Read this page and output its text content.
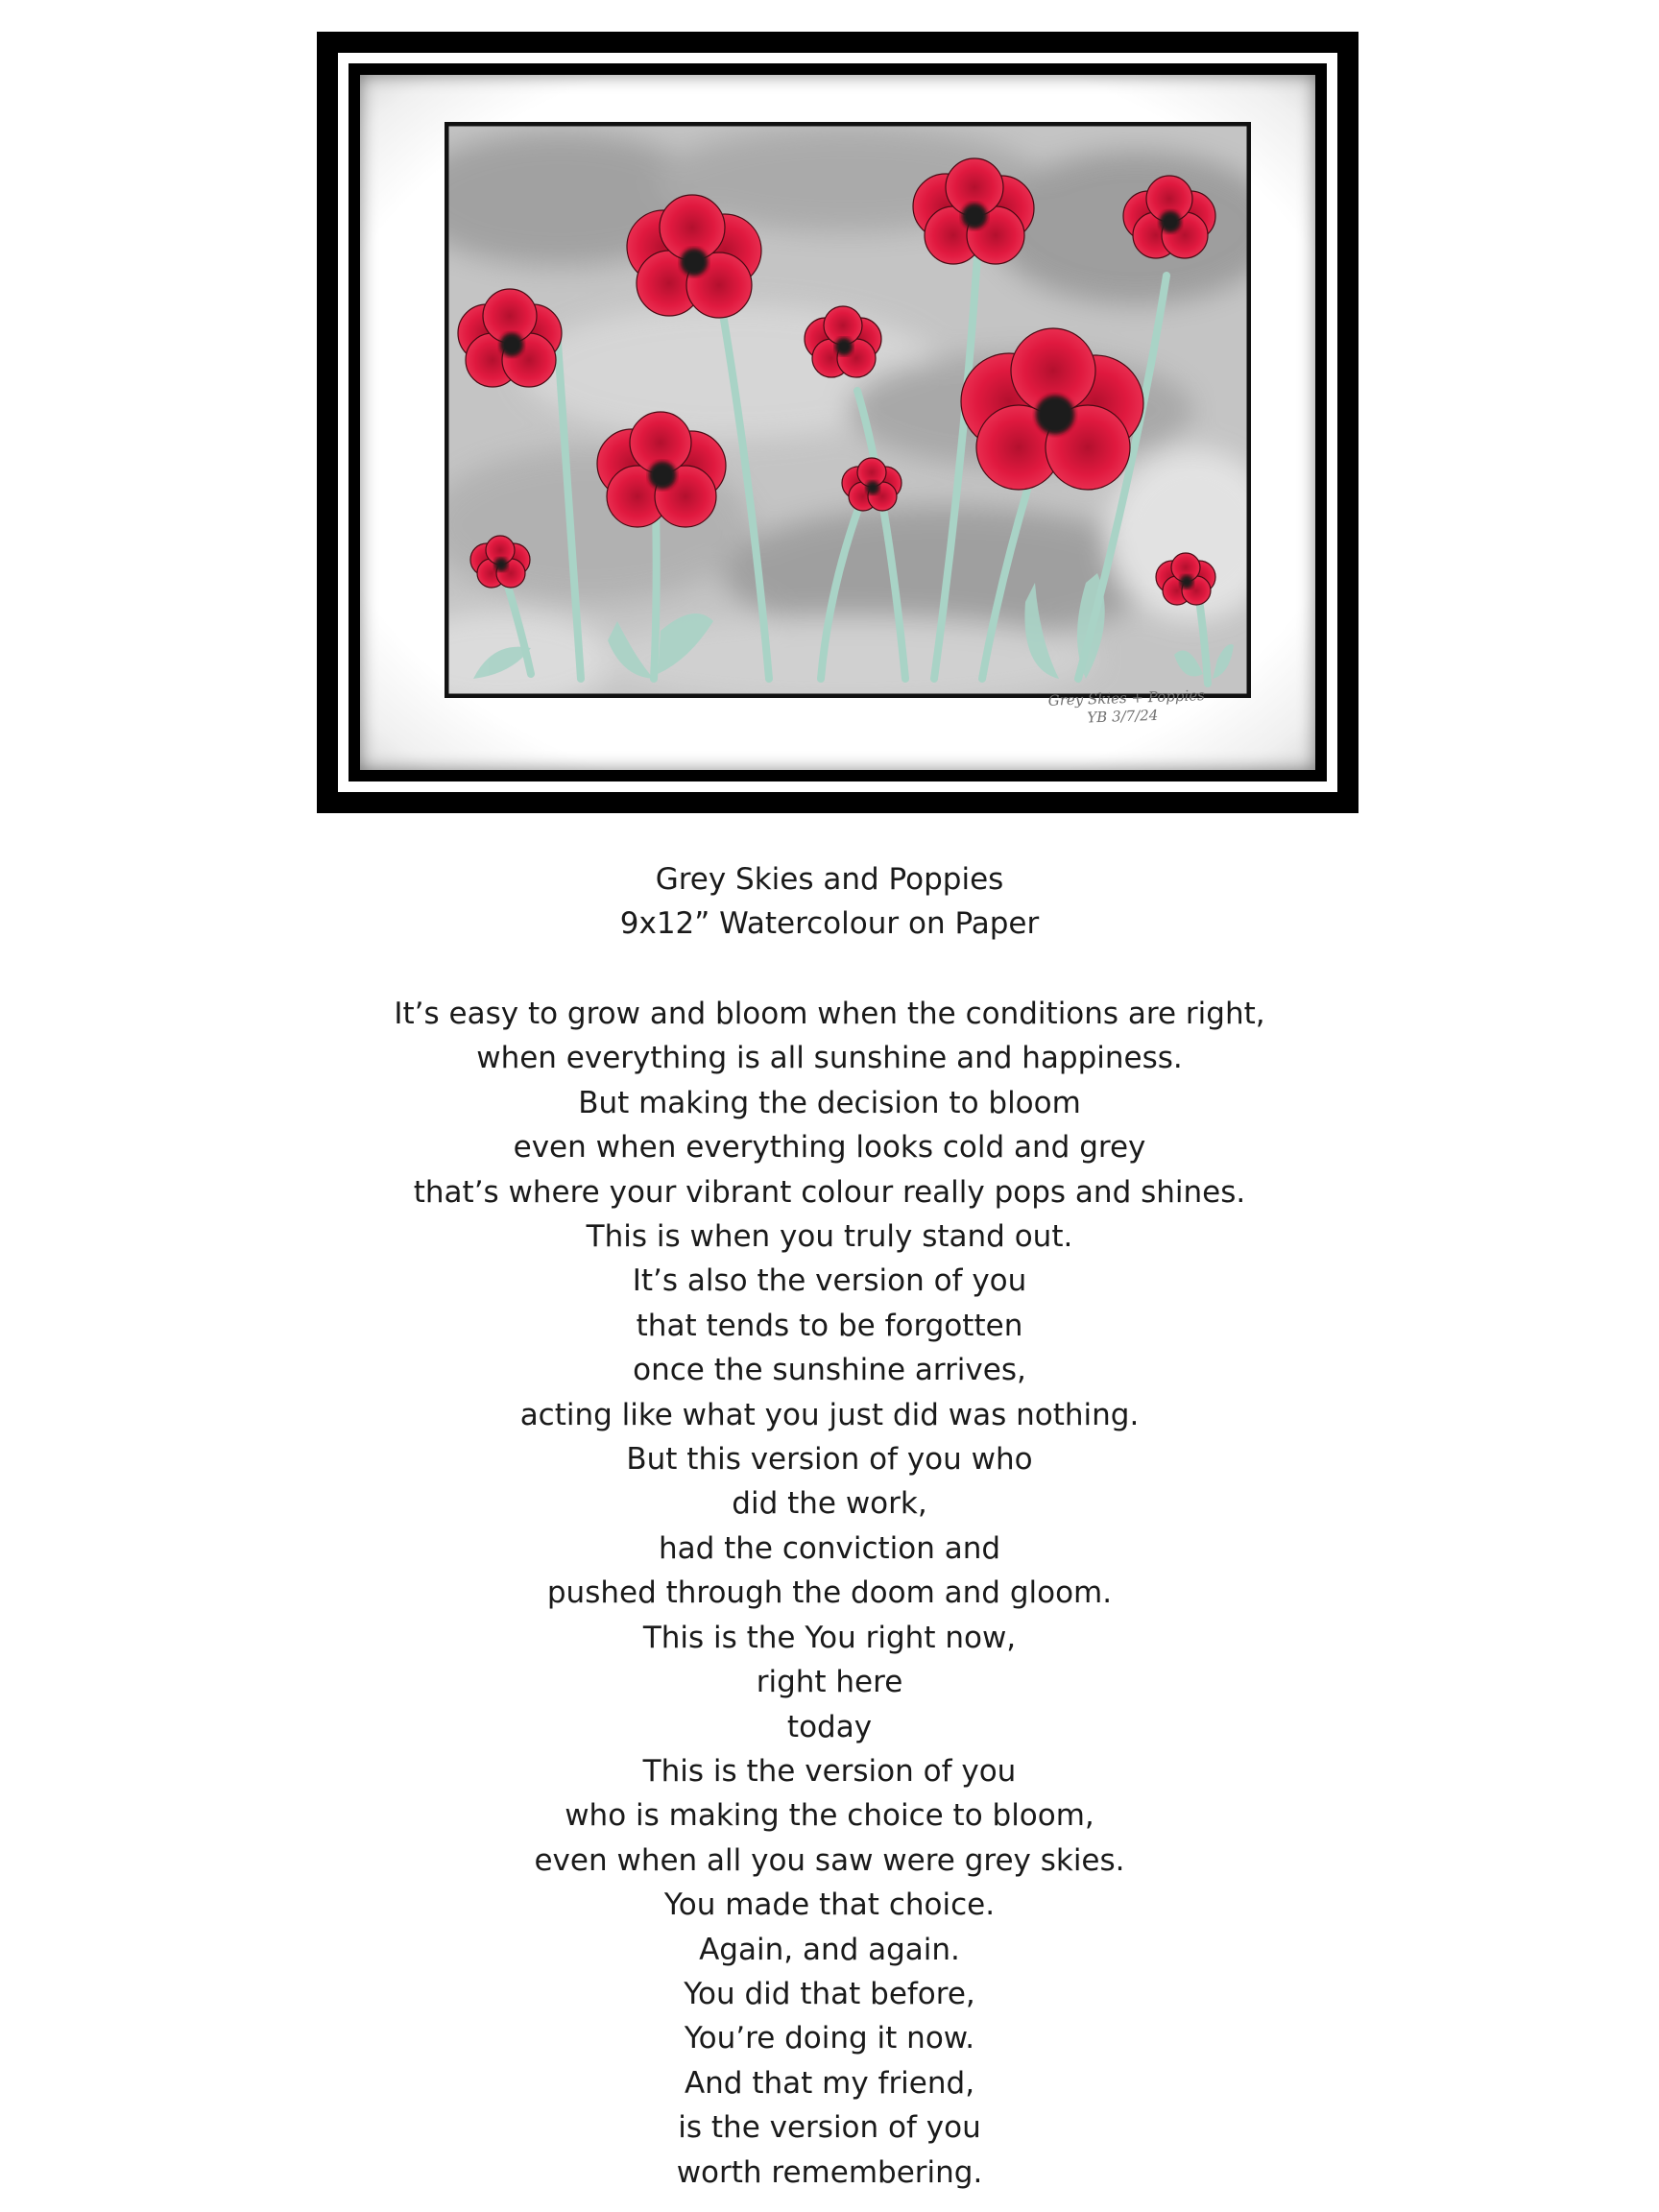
Grey Skies + Poppies
YB 3/7/24
Grey Skies and Poppies
9x12” Watercolour on Paper
It’s easy to grow and bloom when the conditions are right,
when everything is all sunshine and happiness.
But making the decision to bloom
even when everything looks cold and grey
that’s where your vibrant colour really pops and shines.
This is when you truly stand out.
It’s also the version of you
that tends to be forgotten
once the sunshine arrives,
acting like what you just did was nothing.
But this version of you who
did the work,
had the conviction and
pushed through the doom and gloom.
This is the You right now,
right here
today
This is the version of you
who is making the choice to bloom,
even when all you saw were grey skies.
You made that choice.
Again, and again.
You did that before,
You’re doing it now.
And that my friend,
is the version of you
worth remembering.
